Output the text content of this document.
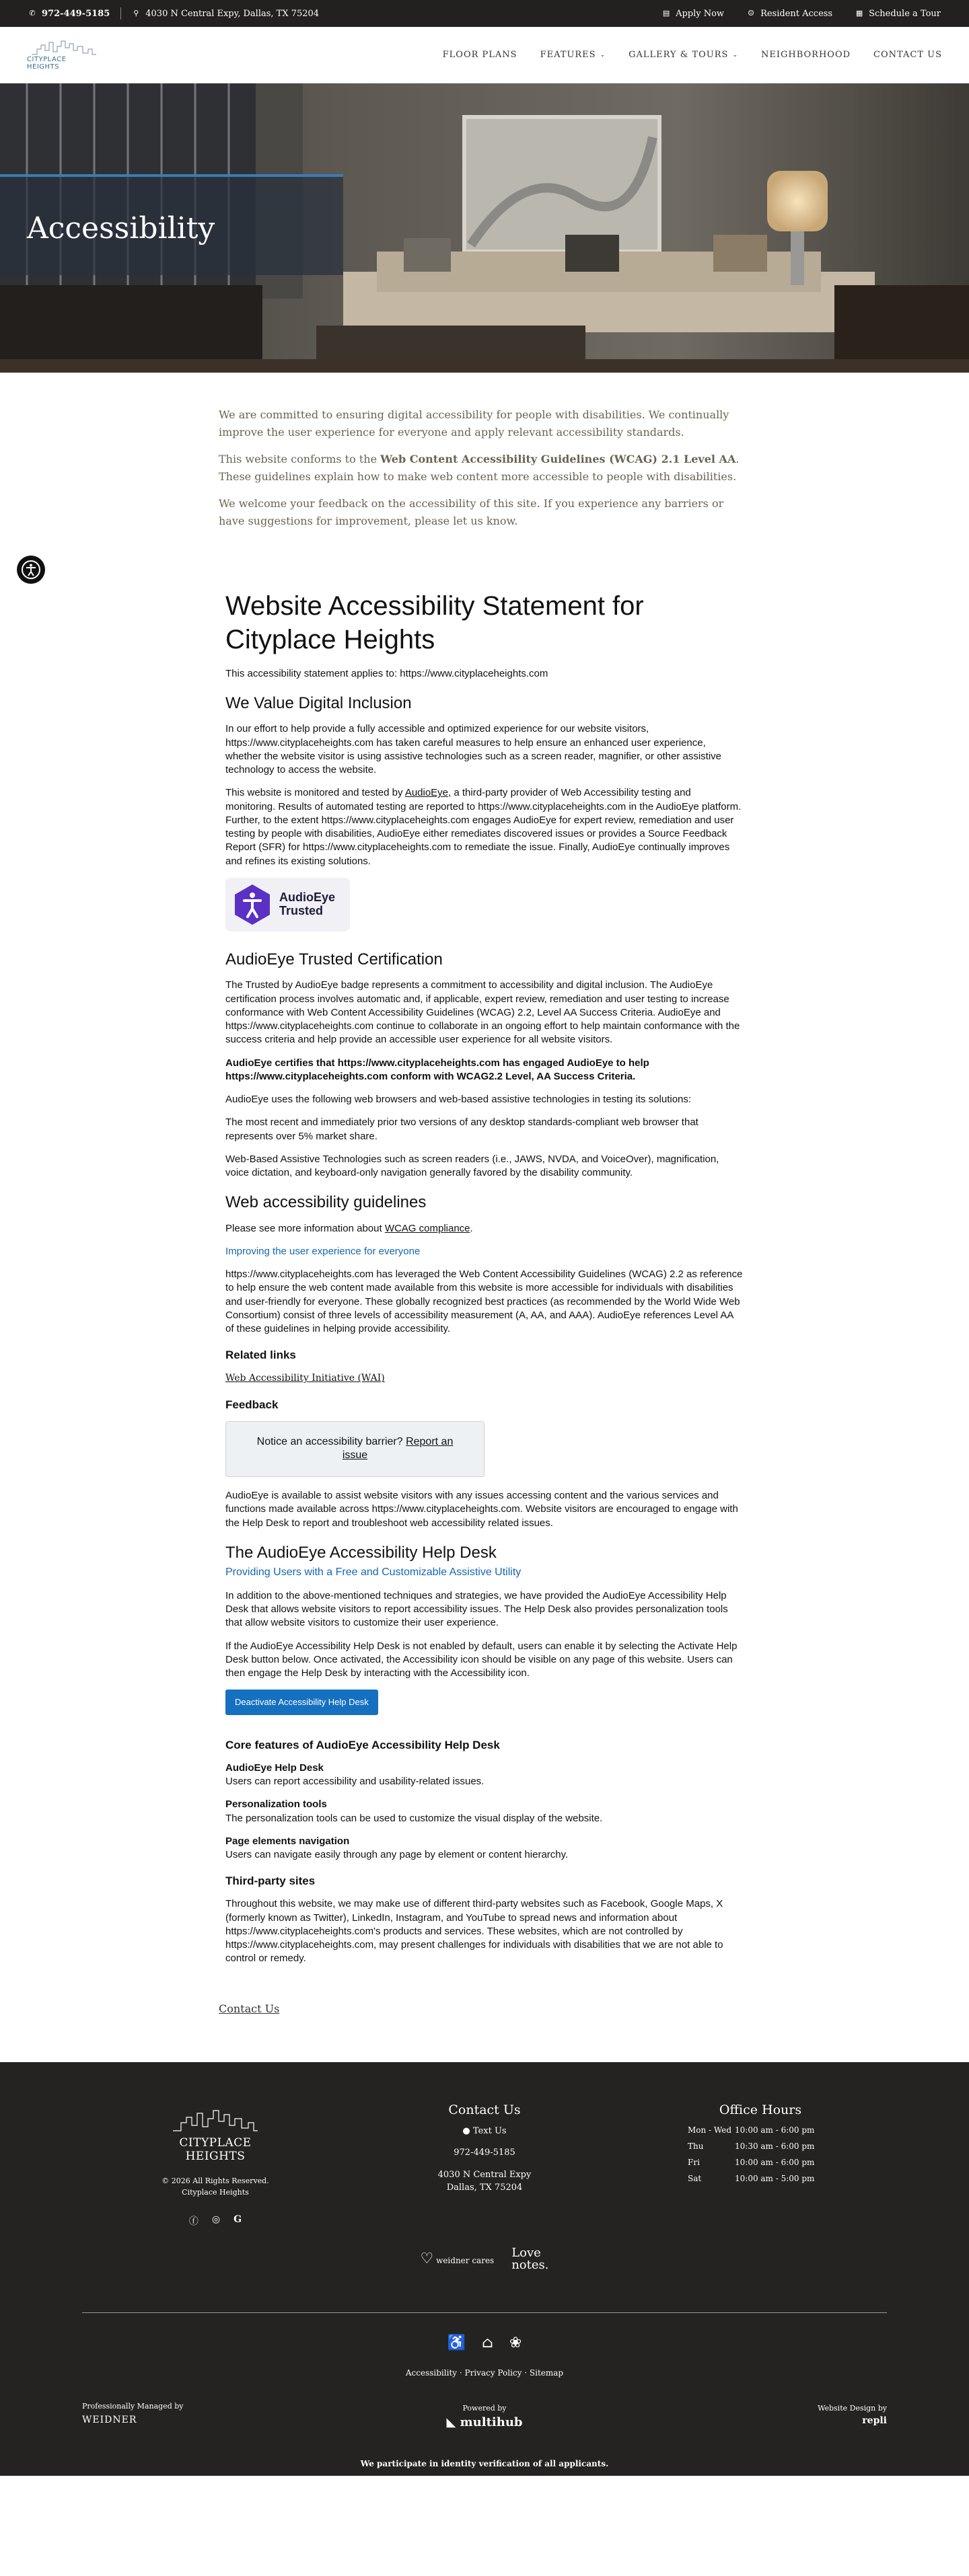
✆ 972-449-5185	⚲ 4030 N Central Expy, Dallas, TX 75204	▤ Apply Now	☺ Resident Access	▦ Schedule a Tour
CITYPLACE HEIGHTS
FLOOR PLANS	FEATURES ⌄	GALLERY & TOURS ⌄	NEIGHBORHOOD	CONTACT US
Accessibility

We are committed to ensuring digital accessibility for people with disabilities. We continually improve the user experience for everyone and apply relevant accessibility standards.

This website conforms to the Web Content Accessibility Guidelines (WCAG) 2.1 Level AA. These guidelines explain how to make web content more accessible to people with disabilities.

We welcome your feedback on the accessibility of this site. If you experience any barriers or have suggestions for improvement, please let us know.

Website Accessibility Statement for Cityplace Heights

This accessibility statement applies to: https://www.cityplaceheights.com

We Value Digital Inclusion

In our effort to help provide a fully accessible and optimized experience for our website visitors, https://www.cityplaceheights.com has taken careful measures to help ensure an enhanced user experience, whether the website visitor is using assistive technologies such as a screen reader, magnifier, or other assistive technology to access the website.

This website is monitored and tested by AudioEye, a third-party provider of Web Accessibility testing and monitoring. Results of automated testing are reported to https://www.cityplaceheights.com in the AudioEye platform. Further, to the extent https://www.cityplaceheights.com engages AudioEye for expert review, remediation and user testing by people with disabilities, AudioEye either remediates discovered issues or provides a Source Feedback Report (SFR) for https://www.cityplaceheights.com to remediate the issue. Finally, AudioEye continually improves and refines its existing solutions.

AudioEye
Trusted
AudioEye Trusted Certification

The Trusted by AudioEye badge represents a commitment to accessibility and digital inclusion. The AudioEye certification process involves automatic and, if applicable, expert review, remediation and user testing to increase conformance with Web Content Accessibility Guidelines (WCAG) 2.2, Level AA Success Criteria. AudioEye and https://www.cityplaceheights.com continue to collaborate in an ongoing effort to help maintain conformance with the success criteria and help provide an accessible user experience for all website visitors.

AudioEye certifies that https://www.cityplaceheights.com has engaged AudioEye to help https://www.cityplaceheights.com conform with WCAG2.2 Level, AA Success Criteria.

AudioEye uses the following web browsers and web-based assistive technologies in testing its solutions:

The most recent and immediately prior two versions of any desktop standards-compliant web browser that represents over 5% market share.

Web-Based Assistive Technologies such as screen readers (i.e., JAWS, NVDA, and VoiceOver), magnification, voice dictation, and keyboard-only navigation generally favored by the disability community.

Web accessibility guidelines

Please see more information about WCAG compliance.

Improving the user experience for everyone

https://www.cityplaceheights.com has leveraged the Web Content Accessibility Guidelines (WCAG) 2.2 as reference to help ensure the web content made available from this website is more accessible for individuals with disabilities and user-friendly for everyone. These globally recognized best practices (as recommended by the World Wide Web Consortium) consist of three levels of accessibility measurement (A, AA, and AAA). AudioEye references Level AA of these guidelines in helping provide accessibility.

Related links

Web Accessibility Initiative (WAI)

Feedback
Notice an accessibility barrier? Report an issue

AudioEye is available to assist website visitors with any issues accessing content and the various services and functions made available across https://www.cityplaceheights.com. Website visitors are encouraged to engage with the Help Desk to report and troubleshoot web accessibility related issues.

The AudioEye Accessibility Help Desk

Providing Users with a Free and Customizable Assistive Utility

In addition to the above-mentioned techniques and strategies, we have provided the AudioEye Accessibility Help Desk that allows website visitors to report accessibility issues. The Help Desk also provides personalization tools that allow website visitors to customize their user experience.

If the AudioEye Accessibility Help Desk is not enabled by default, users can enable it by selecting the Activate Help Desk button below. Once activated, the Accessibility icon should be visible on any page of this website. Users can then engage the Help Desk by interacting with the Accessibility icon.

Deactivate Accessibility Help Desk
Core features of AudioEye Accessibility Help Desk
AudioEye Help Desk
Users can report accessibility and usability-related issues.
Personalization tools
The personalization tools can be used to customize the visual display of the website.
Page elements navigation
Users can navigate easily through any page by element or content hierarchy.
Third-party sites

Throughout this website, we may make use of different third-party websites such as Facebook, Google Maps, X (formerly known as Twitter), LinkedIn, Instagram, and YouTube to spread news and information about https://www.cityplaceheights.com's products and services. These websites, which are not controlled by https://www.cityplaceheights.com, may present challenges for individuals with disabilities that we are not able to control or remedy.

Contact Us
CITYPLACE HEIGHTS
© 2026 All Rights Reserved. Cityplace Heights
ⓕ ◎ G
Contact Us
● Text Us
972-449-5185
4030 N Central Expy
Dallas, TX 75204
Office Hours
Mon - Wed 10:00 am - 6:00 pm
Thu	10:30 am - 6:00 pm
Fri	10:00 am - 6:00 pm
Sat	10:00 am - 5:00 pm
♡ weidner cares
Love
notes.
♿ ⌂ ❀
Accessibility · Privacy Policy · Sitemap
Professionally Managed by
WEIDNER
Powered by
◣ multihub
Website Design by
repli
We participate in identity verification of all applicants.
